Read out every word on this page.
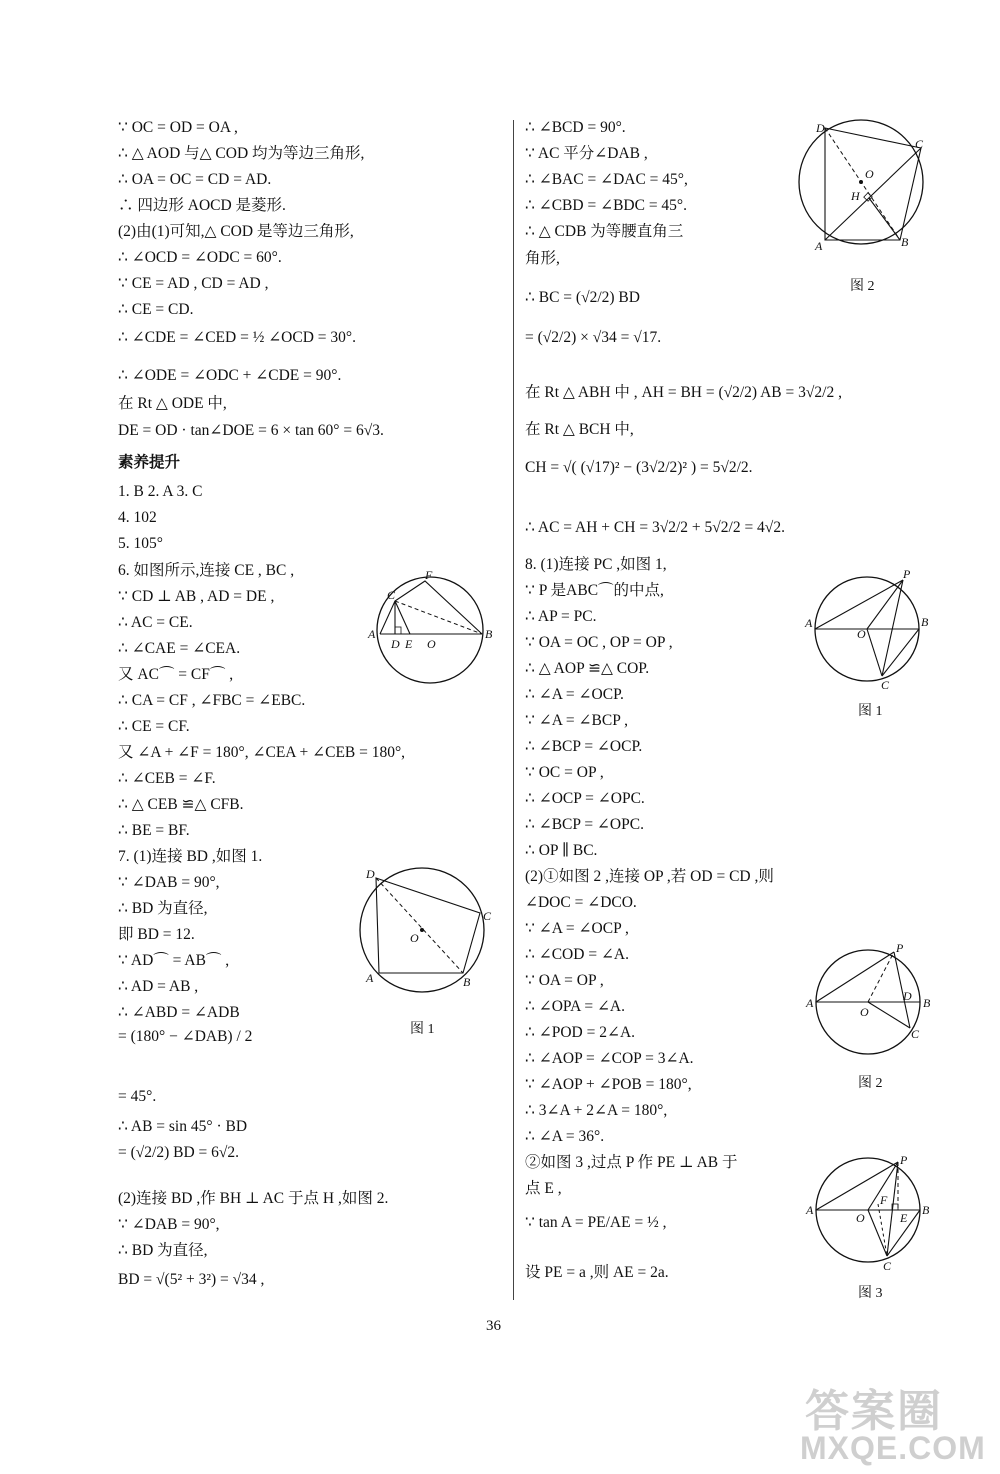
∵ OC = OD = OA ,
∴ △ AOD 与△ COD 均为等边三角形,
∴ OA = OC = CD = AD.
∴ 四边形 AOCD 是菱形.
(2)由(1)可知,△ COD 是等边三角形,
∴ ∠OCD = ∠ODC = 60°.
∵ CE = AD , CD = AD ,
∴ CE = CD.
∴ ∠CDE = ∠CED = ½ ∠OCD = 30°.
∴ ∠ODE = ∠ODC + ∠CDE = 90°.
在 Rt △ ODE 中,
DE = OD · tan∠DOE = 6 × tan 60° = 6√3.
素养提升
1. B 2. A 3. C
4. 102
5. 105°
6. 如图所示,连接 CE , BC ,
∵ CD ⊥ AB , AD = DE ,
∴ AC = CE.
∴ ∠CAE = ∠CEA.
又 AC⌒ = CF⌒ ,
∴ CA = CF , ∠FBC = ∠EBC.
∴ CE = CF.
又 ∠A + ∠F = 180°, ∠CEA + ∠CEB = 180°,
∴ ∠CEB = ∠F.
∴ △ CEB ≌△ CFB.
∴ BE = BF.
7. (1)连接 BD ,如图 1.
∵ ∠DAB = 90°,
∴ BD 为直径,
即 BD = 12.
∵ AD⌒ = AB⌒ ,
∴ AD = AB ,
∴ ∠ABD = ∠ADB
= (180° − ∠DAB) / 2
= 45°.
∴ AB = sin 45° · BD
= (√2/2) BD = 6√2.
(2)连接 BD ,作 BH ⊥ AC 于点 H ,如图 2.
∵ ∠DAB = 90°,
∴ BD 为直径,
BD = √(5² + 3²) = √34 ,
∴ ∠BCD = 90°.
∵ AC 平分∠DAB ,
∴ ∠BAC = ∠DAC = 45°,
∴ ∠CBD = ∠BDC = 45°.
∴ △ CDB 为等腰直角三
角形,
∴ BC = (√2/2) BD
= (√2/2) × √34 = √17.
在 Rt △ ABH 中 , AH = BH = (√2/2) AB = 3√2/2 ,
在 Rt △ BCH 中,
CH = √( (√17)² − (3√2/2)² ) = 5√2/2.
∴ AC = AH + CH = 3√2/2 + 5√2/2 = 4√2.
8. (1)连接 PC ,如图 1,
∵ P 是ABC⌒的中点,
∴ AP = PC.
∵ OA = OC , OP = OP ,
∴ △ AOP ≌△ COP.
∴ ∠A = ∠OCP.
∵ ∠A = ∠BCP ,
∴ ∠BCP = ∠OCP.
∵ OC = OP ,
∴ ∠OCP = ∠OPC.
∴ ∠BCP = ∠OPC.
∴ OP ∥ BC.
(2)①如图 2 ,连接 OP ,若 OD = CD ,则
∠DOC = ∠DCO.
∵ ∠A = ∠OCP ,
∴ ∠COD = ∠A.
∵ OA = OP ,
∴ ∠OPA = ∠A.
∴ ∠POD = 2∠A.
∴ ∠AOP = ∠COP = 3∠A.
∵ ∠AOP + ∠POB = 180°,
∴ 3∠A + 2∠A = 180°,
∴ ∠A = 36°.
②如图 3 ,过点 P 作 PE ⊥ AB 于
点 E ,
∵ tan A = PE/AE = ½ ,
设 PE = a ,则 AE = 2a.
A	B
C
D E
F
O
A	B
C
D
O
图 1
A	B
C
D
O
H
图 2
A	B
C
P
O
图 1
A	B
C
D
P
O
图 2
A	B
C
E
F
P
O
图 3
36
答案圈
MXQE.COM
